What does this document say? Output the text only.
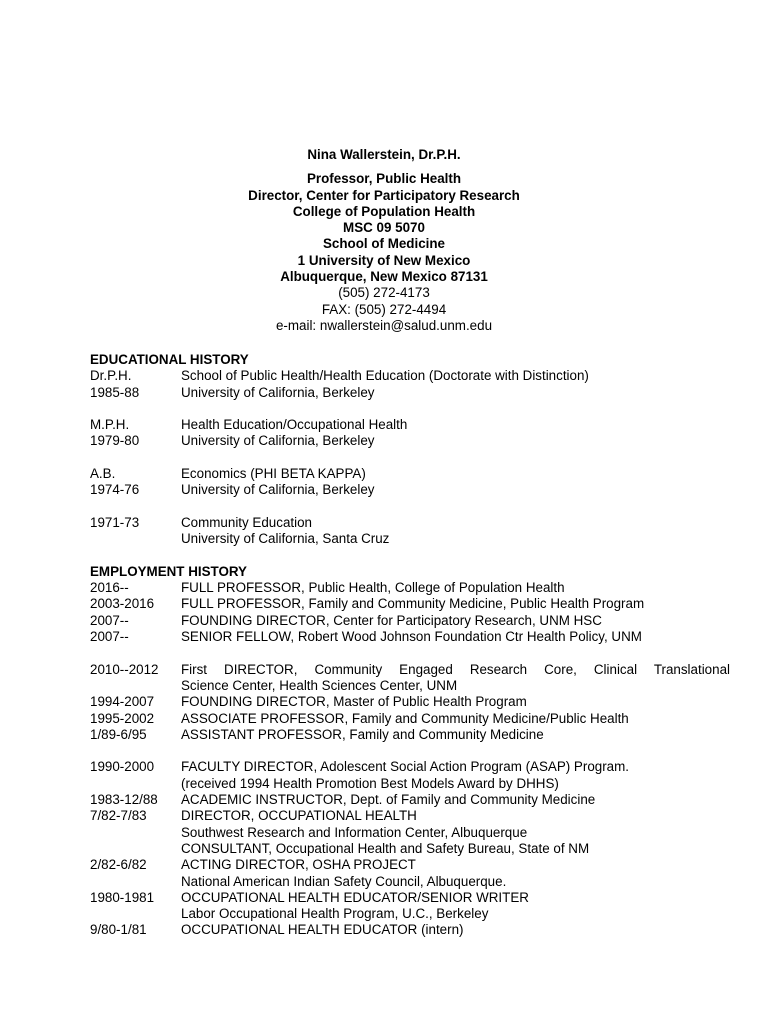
Nina Wallerstein, Dr.P.H.
Professor, Public Health
Director, Center for Participatory Research
College of Population Health
MSC 09 5070
School of Medicine
1 University of New Mexico
Albuquerque, New Mexico 87131
(505) 272-4173
FAX: (505) 272-4494
e-mail: nwallerstein@salud.unm.edu
EDUCATIONAL HISTORY
Dr.P.H.	School of Public Health/Health Education (Doctorate with Distinction)
1985-88	University of California, Berkeley
M.P.H.	Health Education/Occupational Health
1979-80	University of California, Berkeley
A.B.	Economics (PHI BETA KAPPA)
1974-76	University of California, Berkeley
1971-73	Community Education
University of California, Santa Cruz
EMPLOYMENT HISTORY
2016--	FULL PROFESSOR, Public Health, College of Population Health
2003-2016	FULL PROFESSOR, Family and Community Medicine, Public Health Program
2007--	FOUNDING DIRECTOR, Center for Participatory Research, UNM HSC
2007--	SENIOR FELLOW, Robert Wood Johnson Foundation Ctr Health Policy, UNM
2010--2012	First DIRECTOR, Community Engaged Research Core, Clinical Translational
Science Center, Health Sciences Center, UNM
1994-2007	FOUNDING DIRECTOR, Master of Public Health Program
1995-2002	ASSOCIATE PROFESSOR, Family and Community Medicine/Public Health
1/89-6/95	ASSISTANT PROFESSOR, Family and Community Medicine
1990-2000	FACULTY DIRECTOR, Adolescent Social Action Program (ASAP) Program.
(received 1994 Health Promotion Best Models Award by DHHS)
1983-12/88	ACADEMIC INSTRUCTOR, Dept. of Family and Community Medicine
7/82-7/83	DIRECTOR, OCCUPATIONAL HEALTH
Southwest Research and Information Center, Albuquerque
CONSULTANT, Occupational Health and Safety Bureau, State of NM
2/82-6/82	ACTING DIRECTOR, OSHA PROJECT
National American Indian Safety Council, Albuquerque.
1980-1981	OCCUPATIONAL HEALTH EDUCATOR/SENIOR WRITER
Labor Occupational Health Program, U.C., Berkeley
9/80-1/81	OCCUPATIONAL HEALTH EDUCATOR (intern)
